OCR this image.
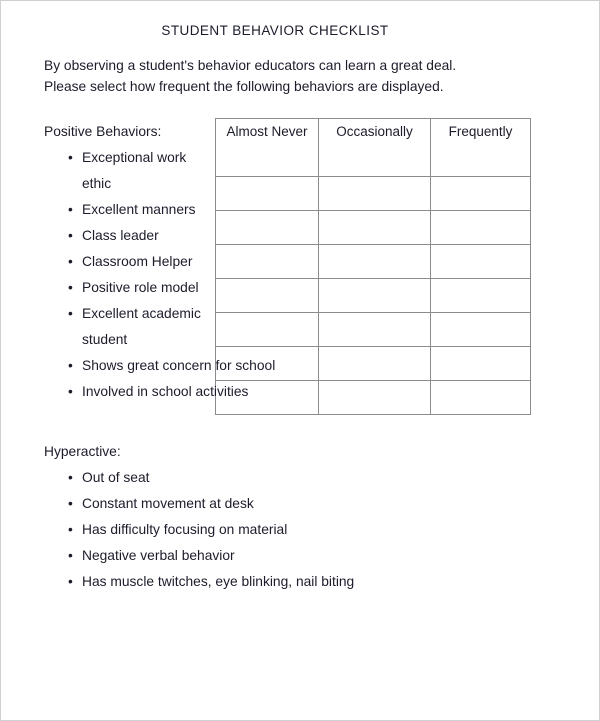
STUDENT BEHAVIOR CHECKLIST
By observing a student's behavior educators can learn a great deal.
Please select how frequent the following behaviors are displayed.
Almost Never	Occasionally	Frequently

Positive Behaviors:
• Exceptional work ethic
• Excellent manners
• Class leader
• Classroom Helper
• Positive role model
• Excellent academic student
• Shows great concern for school
• Involved in school activities
Hyperactive:
• Out of seat
• Constant movement at desk
• Has difficulty focusing on material
• Negative verbal behavior
• Has muscle twitches, eye blinking, nail biting
